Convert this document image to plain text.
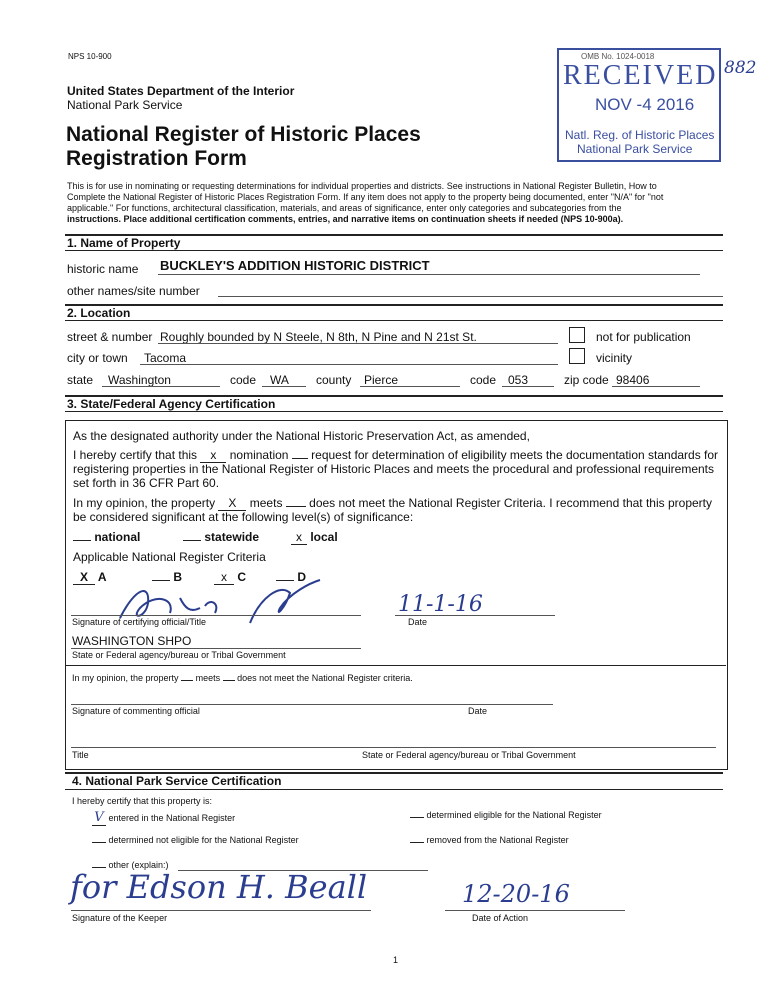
NPS 10-900
United States Department of the Interior
National Park Service
National Register of Historic Places
Registration Form
OMB No. 1024-0018
RECEIVED
NOV -4 2016
Natl. Reg. of Historic Places
National Park Service
882
This is for use in nominating or requesting determinations for individual properties and districts. See instructions in National Register Bulletin, How to
Complete the National Register of Historic Places Registration Form. If any item does not apply to the property being documented, enter "N/A" for "not
applicable." For functions, architectural classification, materials, and areas of significance, enter only categories and subcategories from the
instructions. Place additional certification comments, entries, and narrative items on continuation sheets if needed (NPS 10-900a).
1. Name of Property
historic name BUCKLEY'S ADDITION HISTORIC DISTRICT
other names/site number
2. Location
street & number Roughly bounded by N Steele, N 8th, N Pine and N 21st St.	not for publication
city or town Tacoma	vicinity
state Washington	code WA county Pierce	code 053	zip code 98406
3. State/Federal Agency Certification
As the designated authority under the National Historic Preservation Act, as amended,
I hereby certify that this x nomination request for determination of eligibility meets the documentation standards for
registering properties in the National Register of Historic Places and meets the procedural and professional requirements
set forth in 36 CFR Part 60.
In my opinion, the property X meets does not meet the National Register Criteria. I recommend that this property
be considered significant at the following level(s) of significance:
national	statewide	x local
Applicable National Register Criteria
X A	B	x C	D
Signature of certifying official/Title
11-1-16
Date
WASHINGTON SHPO
State or Federal agency/bureau or Tribal Government
In my opinion, the property meets does not meet the National Register criteria.
Signature of commenting official	Date
Title	State or Federal agency/bureau or Tribal Government
4. National Park Service Certification
I hereby certify that this property is:
V entered in the National Register	determined eligible for the National Register
determined not eligible for the National Register	removed from the National Register
other (explain:)
for Edson H. Beall
Signature of the Keeper
12-20-16
Date of Action
1
